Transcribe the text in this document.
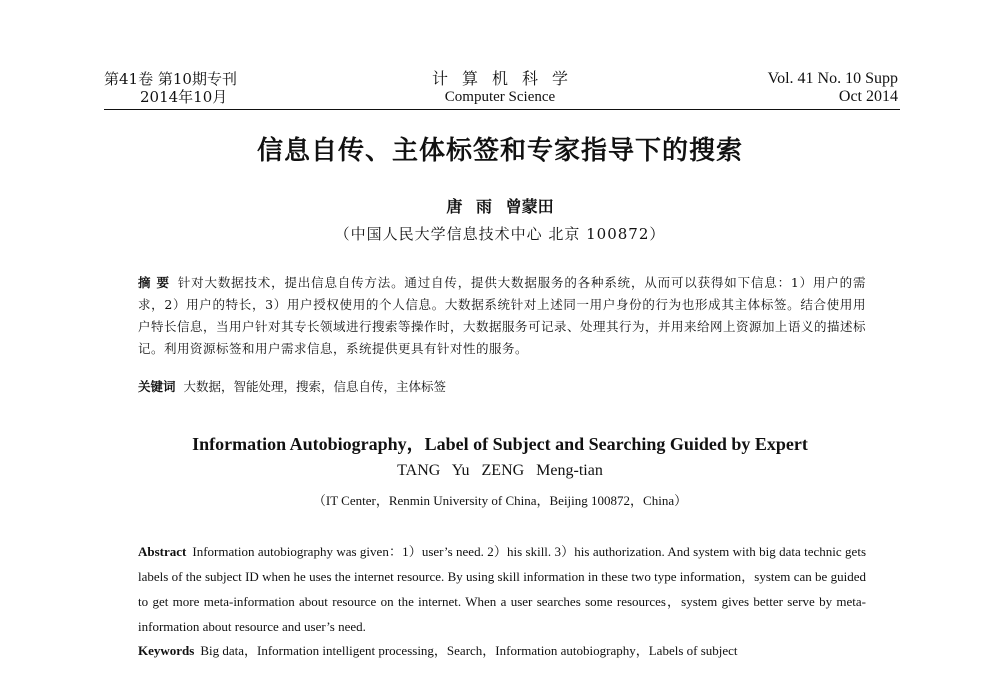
第41卷 第10期专刊
2014年10月
计算机科学
Computer Science
Vol. 41 No. 10 Supp
Oct 2014
信息自传、主体标签和专家指导下的搜索
唐 雨 曾蒙田
（中国人民大学信息技术中心 北京 100872）
摘 要 针对大数据技术，提出信息自传方法。通过自传，提供大数据服务的各种系统，从而可以获得如下信息：1）用户的需求，2）用户的特长，3）用户授权使用的个人信息。大数据系统针对上述同一用户身份的行为也形成其主体标签。结合使用用户特长信息，当用户针对其专长领域进行搜索等操作时，大数据服务可记录、处理其行为，并用来给网上资源加上语义的描述标记。利用资源标签和用户需求信息，系统提供更具有针对性的服务。
关键词 大数据，智能处理，搜索，信息自传，主体标签
Information Autobiography，Label of Subject and Searching Guided by Expert
TANG Yu ZENG Meng-tian
（IT Center，Renmin University of China，Beijing 100872，China）
Abstract Information autobiography was given：1）user’s need. 2）his skill. 3）his authorization. And system with big data technic gets labels of the subject ID when he uses the internet resource. By using skill information in these two type information，system can be guided to get more meta-information about resource on the internet. When a user searches some resources，system gives better serve by meta-information about resource and user’s need.
Keywords Big data，Information intelligent processing，Search，Information autobiography，Labels of subject
